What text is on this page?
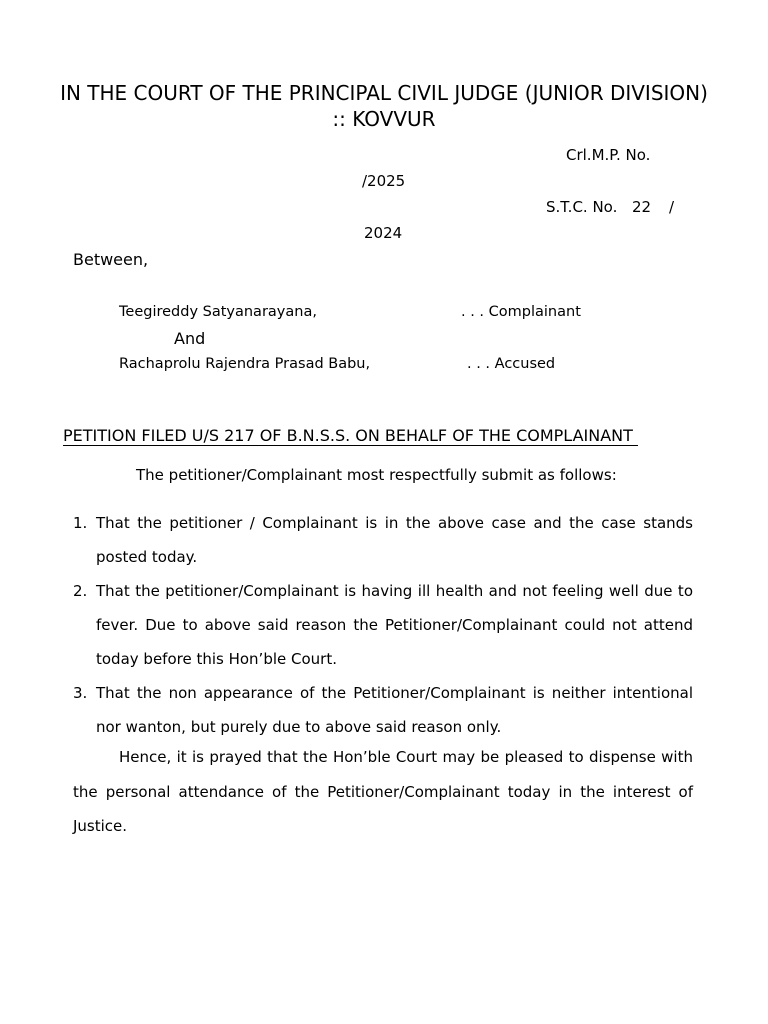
IN THE COURT OF THE PRINCIPAL CIVIL JUDGE (JUNIOR DIVISION) :: KOVVUR
Crl.M.P. No.
/2025
S.T.C. No. 22 /
2024
Between,
Teegireddy Satyanarayana,	. . . Complainant
And
Rachaprolu Rajendra Prasad Babu,	. . . Accused
PETITION FILED U/S 217 OF B.N.S.S. ON BEHALF OF THE COMPLAINANT
The petitioner/Complainant most respectfully submit as follows:
1. That the petitioner / Complainant is in the above case and the case stands posted today.
2. That the petitioner/Complainant is having ill health and not feeling well due to fever. Due to above said reason the Petitioner/Complainant could not attend today before this Hon’ble Court.
3. That the non appearance of the Petitioner/Complainant is neither intentional nor wanton, but purely due to above said reason only.
Hence, it is prayed that the Hon’ble Court may be pleased to dispense with the personal attendance of the Petitioner/Complainant today in the interest of Justice.
